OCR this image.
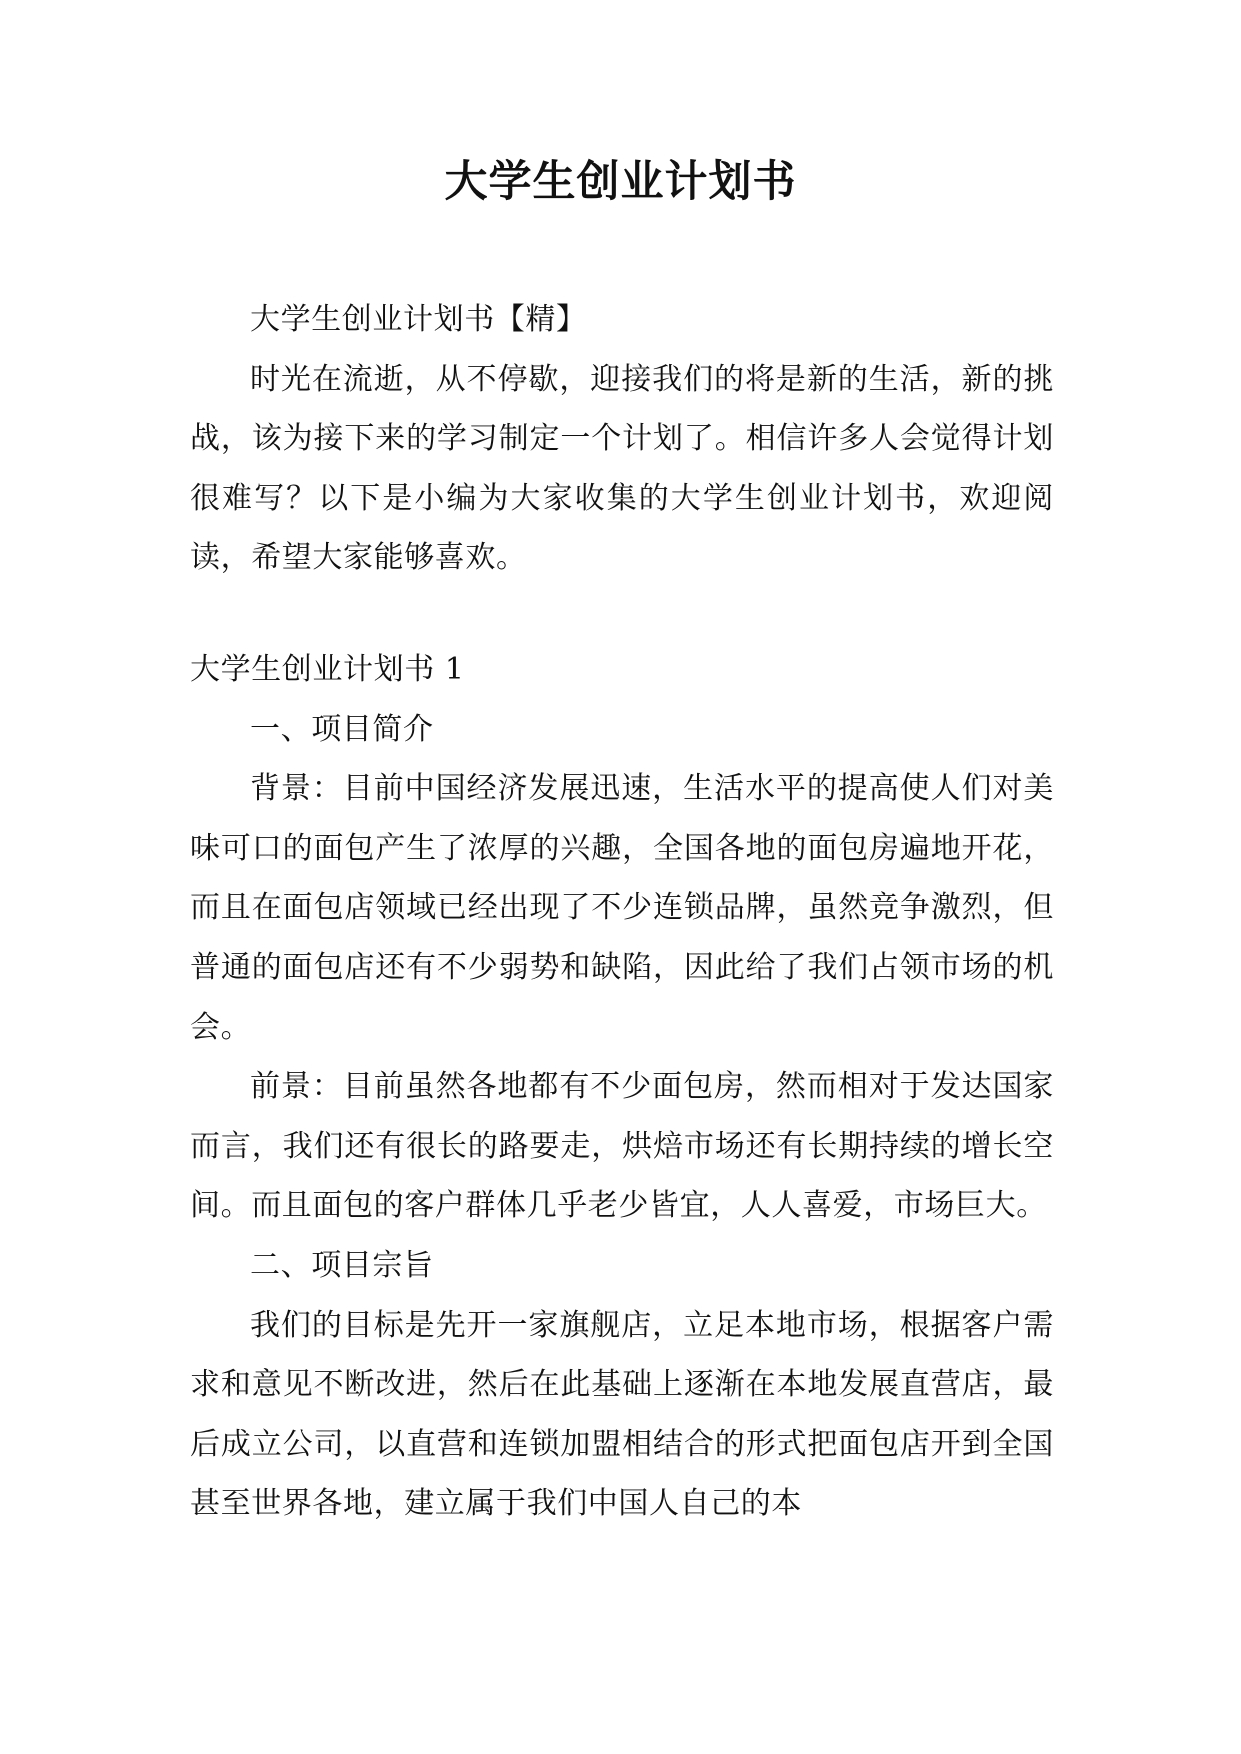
大学生创业计划书

大学生创业计划书【精】

时光在流逝，从不停歇，迎接我们的将是新的生活，新的挑战，该为接下来的学习制定一个计划了。相信许多人会觉得计划很难写？以下是小编为大家收集的大学生创业计划书，欢迎阅读，希望大家能够喜欢。

大学生创业计划书 1

一、项目简介

背景：目前中国经济发展迅速，生活水平的提高使人们对美味可口的面包产生了浓厚的兴趣，全国各地的面包房遍地开花，而且在面包店领域已经出现了不少连锁品牌，虽然竞争激烈，但普通的面包店还有不少弱势和缺陷，因此给了我们占领市场的机会。

前景：目前虽然各地都有不少面包房，然而相对于发达国家而言，我们还有很长的路要走，烘焙市场还有长期持续的增长空间。而且面包的客户群体几乎老少皆宜，人人喜爱，市场巨大。

二、项目宗旨

我们的目标是先开一家旗舰店，立足本地市场，根据客户需求和意见不断改进，然后在此基础上逐渐在本地发展直营店，最后成立公司，以直营和连锁加盟相结合的形式把面包店开到全国甚至世界各地，建立属于我们中国人自己的本
